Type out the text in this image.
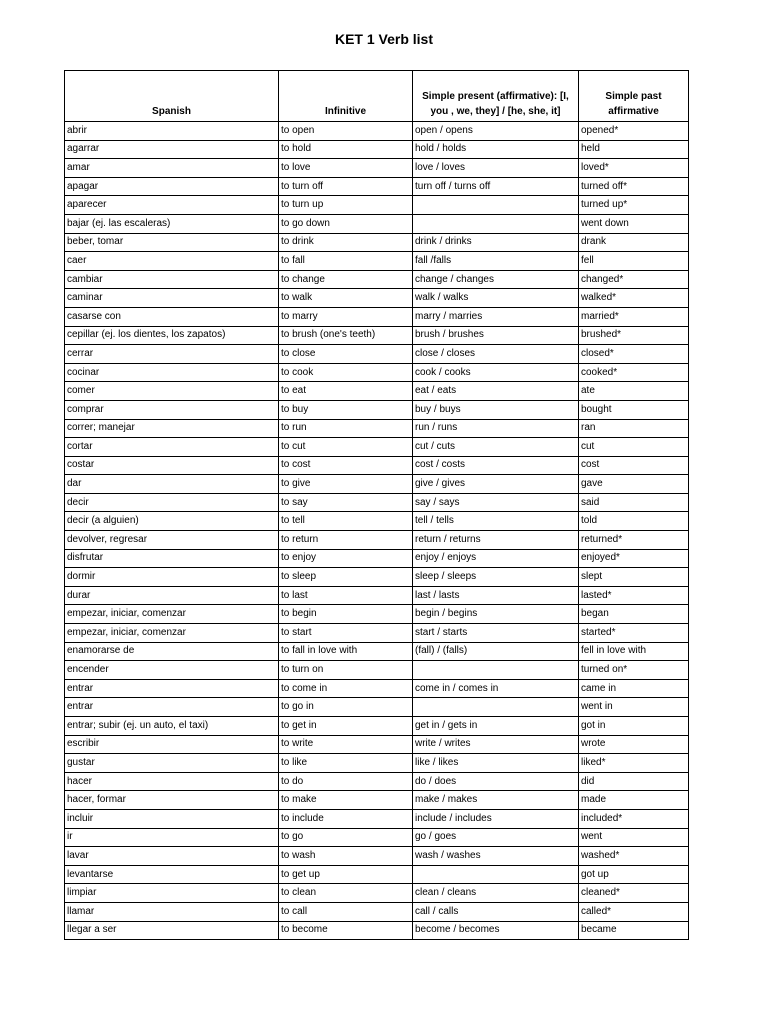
KET 1 Verb list
Spanish	Infinitive	Simple present (affirmative): [I, you , we, they] / [he, she, it]	Simple past affirmative
abrir	to open	open / opens	opened*
agarrar	to hold	hold / holds	held
amar	to love	love / loves	loved*
apagar	to turn off	turn off / turns off	turned off*
aparecer	to turn up		turned up*
bajar (ej. las escaleras)	to go down		went down
beber, tomar	to drink	drink / drinks	drank
caer	to fall	fall /falls	fell
cambiar	to change	change / changes	changed*
caminar	to walk	walk / walks	walked*
casarse con	to marry	marry / marries	married*
cepillar (ej. los dientes, los zapatos)	to brush (one's teeth)	brush / brushes	brushed*
cerrar	to close	close / closes	closed*
cocinar	to cook	cook / cooks	cooked*
comer	to eat	eat / eats	ate
comprar	to buy	buy / buys	bought
correr; manejar	to run	run / runs	ran
cortar	to cut	cut / cuts	cut
costar	to cost	cost / costs	cost
dar	to give	give / gives	gave
decir	to say	say / says	said
decir (a alguien)	to tell	tell / tells	told
devolver, regresar	to return	return / returns	returned*
disfrutar	to enjoy	enjoy / enjoys	enjoyed*
dormir	to sleep	sleep / sleeps	slept
durar	to last	last / lasts	lasted*
empezar, iniciar, comenzar	to begin	begin / begins	began
empezar, iniciar, comenzar	to start	start / starts	started*
enamorarse de	to fall in love with	(fall) / (falls)	fell in love with
encender	to turn on		turned on*
entrar	to come in	come in / comes in	came in
entrar	to go in		went in
entrar; subir (ej. un auto, el taxi)	to get in	get in / gets in	got in
escribir	to write	write / writes	wrote
gustar	to like	like / likes	liked*
hacer	to do	do / does	did
hacer, formar	to make	make / makes	made
incluir	to include	include / includes	included*
ir	to go	go / goes	went
lavar	to wash	wash / washes	washed*
levantarse	to get up		got up
limpiar	to clean	clean / cleans	cleaned*
llamar	to call	call / calls	called*
llegar a ser	to become	become / becomes	became
